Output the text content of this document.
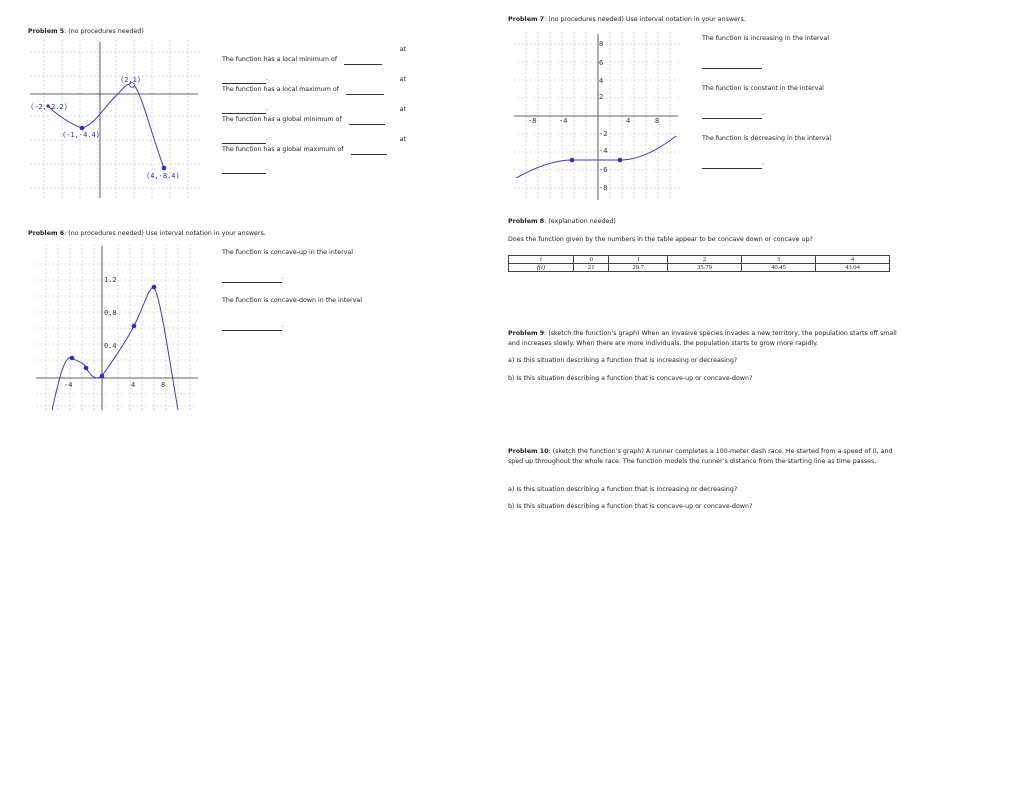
Problem 5: (no procedures needed)
(-2,-2.2)
(2,1)
(-1,-4.4)
(4,-8.4)
The function has a local minimum of
at
.
The function has a local maximum of
at
.
The function has a global minimum of
at
.
The function has a global maximum of
at
.
Problem 6: (no procedures needed) Use interval notation in your answers.
1.2
0.8
0.4
-4	4	8
The function is concave-up in the interval
.
The function is concave-down in the interval
.
Problem 7: (no procedures needed) Use interval notation in your answers.
8
6
4
2
-2
-4
-6
-8
-8	-4	4	8
The function is increasing in the interval
.
The function is constant in the interval
.
The function is decreasing in the interval
.
Problem 8: (explanation needed)
Does the function given by the numbers in the table appear to be concave down or concave up?
t	0	1	2	3	4
f(t)	21	29.7	35.79	40.45	43.04
Problem 9: (sketch the function’s graph) When an invasive species invades a new territory, the population starts off small and increases slowly. When there are more individuals, the population starts to grow more rapidly.
a) Is this situation describing a function that is increasing or decreasing?
b) Is this situation describing a function that is concave-up or concave-down?
Problem 10: (sketch the function’s graph) A runner completes a 100-meter dash race. He started from a speed of 0, and sped up throughout the whole race. The function models the runner’s distance from the starting line as time passes.
a) Is this situation describing a function that is increasing or decreasing?
b) Is this situation describing a function that is concave-up or concave-down?
